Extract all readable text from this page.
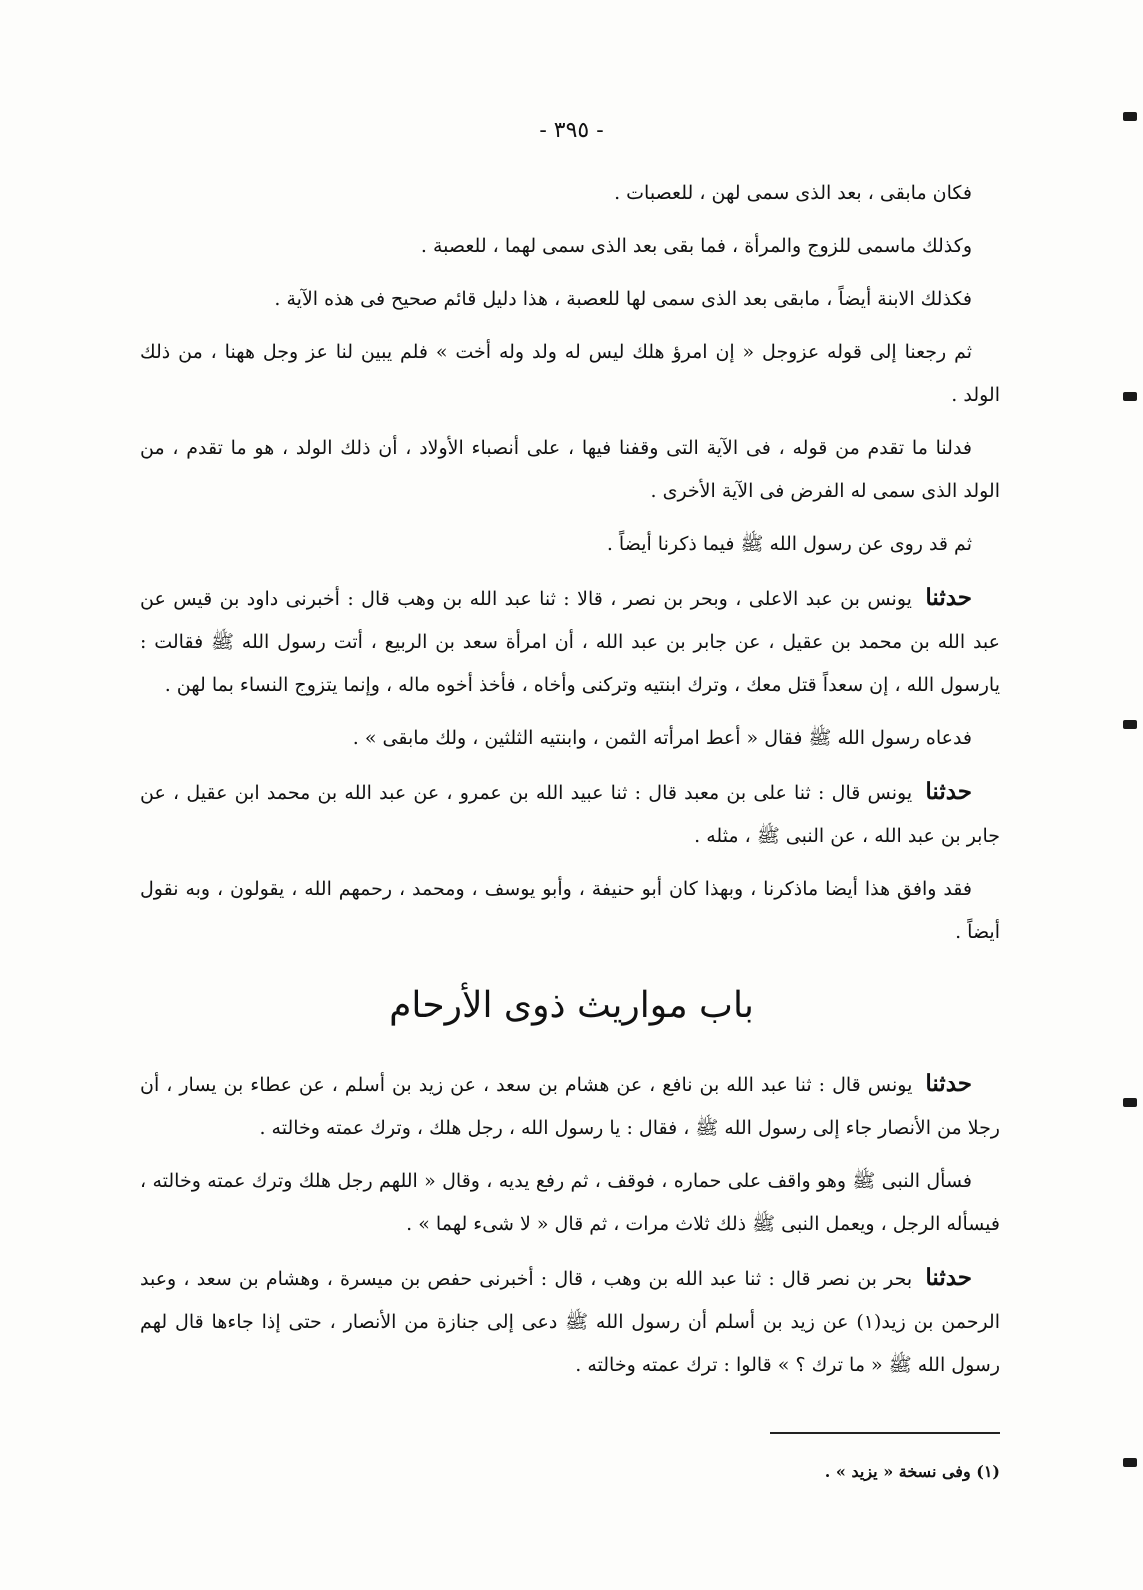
- ٣٩٥ -

فكان مابقى ، بعد الذى سمى لهن ، للعصبات .

وكذلك ماسمى للزوج والمرأة ، فما بقى بعد الذى سمى لهما ، للعصبة .

فكذلك الابنة أيضاً ، مابقى بعد الذى سمى لها للعصبة ، هذا دليل قائم صحيح فى هذه الآية .

ثم رجعنا إلى قوله عزوجل « إن امرؤ هلك ليس له ولد وله أخت » فلم يبين لنا عز وجل ههنا ، من ذلك الولد .

فدلنا ما تقدم من قوله ، فى الآية التى وقفنا فيها ، على أنصباء الأولاد ، أن ذلك الولد ، هو ما تقدم ، من الولد الذى سمى له الفرض فى الآية الأخرى .

ثم قد روى عن رسول الله ﷺ فيما ذكرنا أيضاً .

حدثنا يونس بن عبد الاعلى ، وبحر بن نصر ، قالا : ثنا عبد الله بن وهب قال : أخبرنى داود بن قيس عن عبد الله بن محمد بن عقيل ، عن جابر بن عبد الله ، أن امرأة سعد بن الربيع ، أتت رسول الله ﷺ فقالت : يارسول الله ، إن سعداً قتل معك ، وترك ابنتيه وتركنى وأخاه ، فأخذ أخوه ماله ، وإنما يتزوج النساء بما لهن .

فدعاه رسول الله ﷺ فقال « أعط امرأته الثمن ، وابنتيه الثلثين ، ولك مابقى » .

حدثنا يونس قال : ثنا على بن معبد قال : ثنا عبيد الله بن عمرو ، عن عبد الله بن محمد ابن عقيل ، عن جابر بن عبد الله ، عن النبى ﷺ ، مثله .

فقد وافق هذا أيضا ماذكرنا ، وبهذا كان أبو حنيفة ، وأبو يوسف ، ومحمد ، رحمهم الله ، يقولون ، وبه نقول أيضاً .

باب مواريث ذوى الأرحام

حدثنا يونس قال : ثنا عبد الله بن نافع ، عن هشام بن سعد ، عن زيد بن أسلم ، عن عطاء بن يسار ، أن رجلا من الأنصار جاء إلى رسول الله ﷺ ، فقال : يا رسول الله ، رجل هلك ، وترك عمته وخالته .

فسأل النبى ﷺ وهو واقف على حماره ، فوقف ، ثم رفع يديه ، وقال « اللهم رجل هلك وترك عمته وخالته ، فيسأله الرجل ، ويعمل النبى ﷺ ذلك ثلاث مرات ، ثم قال « لا شىء لهما » .

حدثنا بحر بن نصر قال : ثنا عبد الله بن وهب ، قال : أخبرنى حفص بن ميسرة ، وهشام بن سعد ، وعبد الرحمن بن زيد(١) عن زيد بن أسلم أن رسول الله ﷺ دعى إلى جنازة من الأنصار ، حتى إذا جاءها قال لهم رسول الله ﷺ « ما ترك ؟ » قالوا : ترك عمته وخالته .

(١) وفى نسخة « يزيد » .
